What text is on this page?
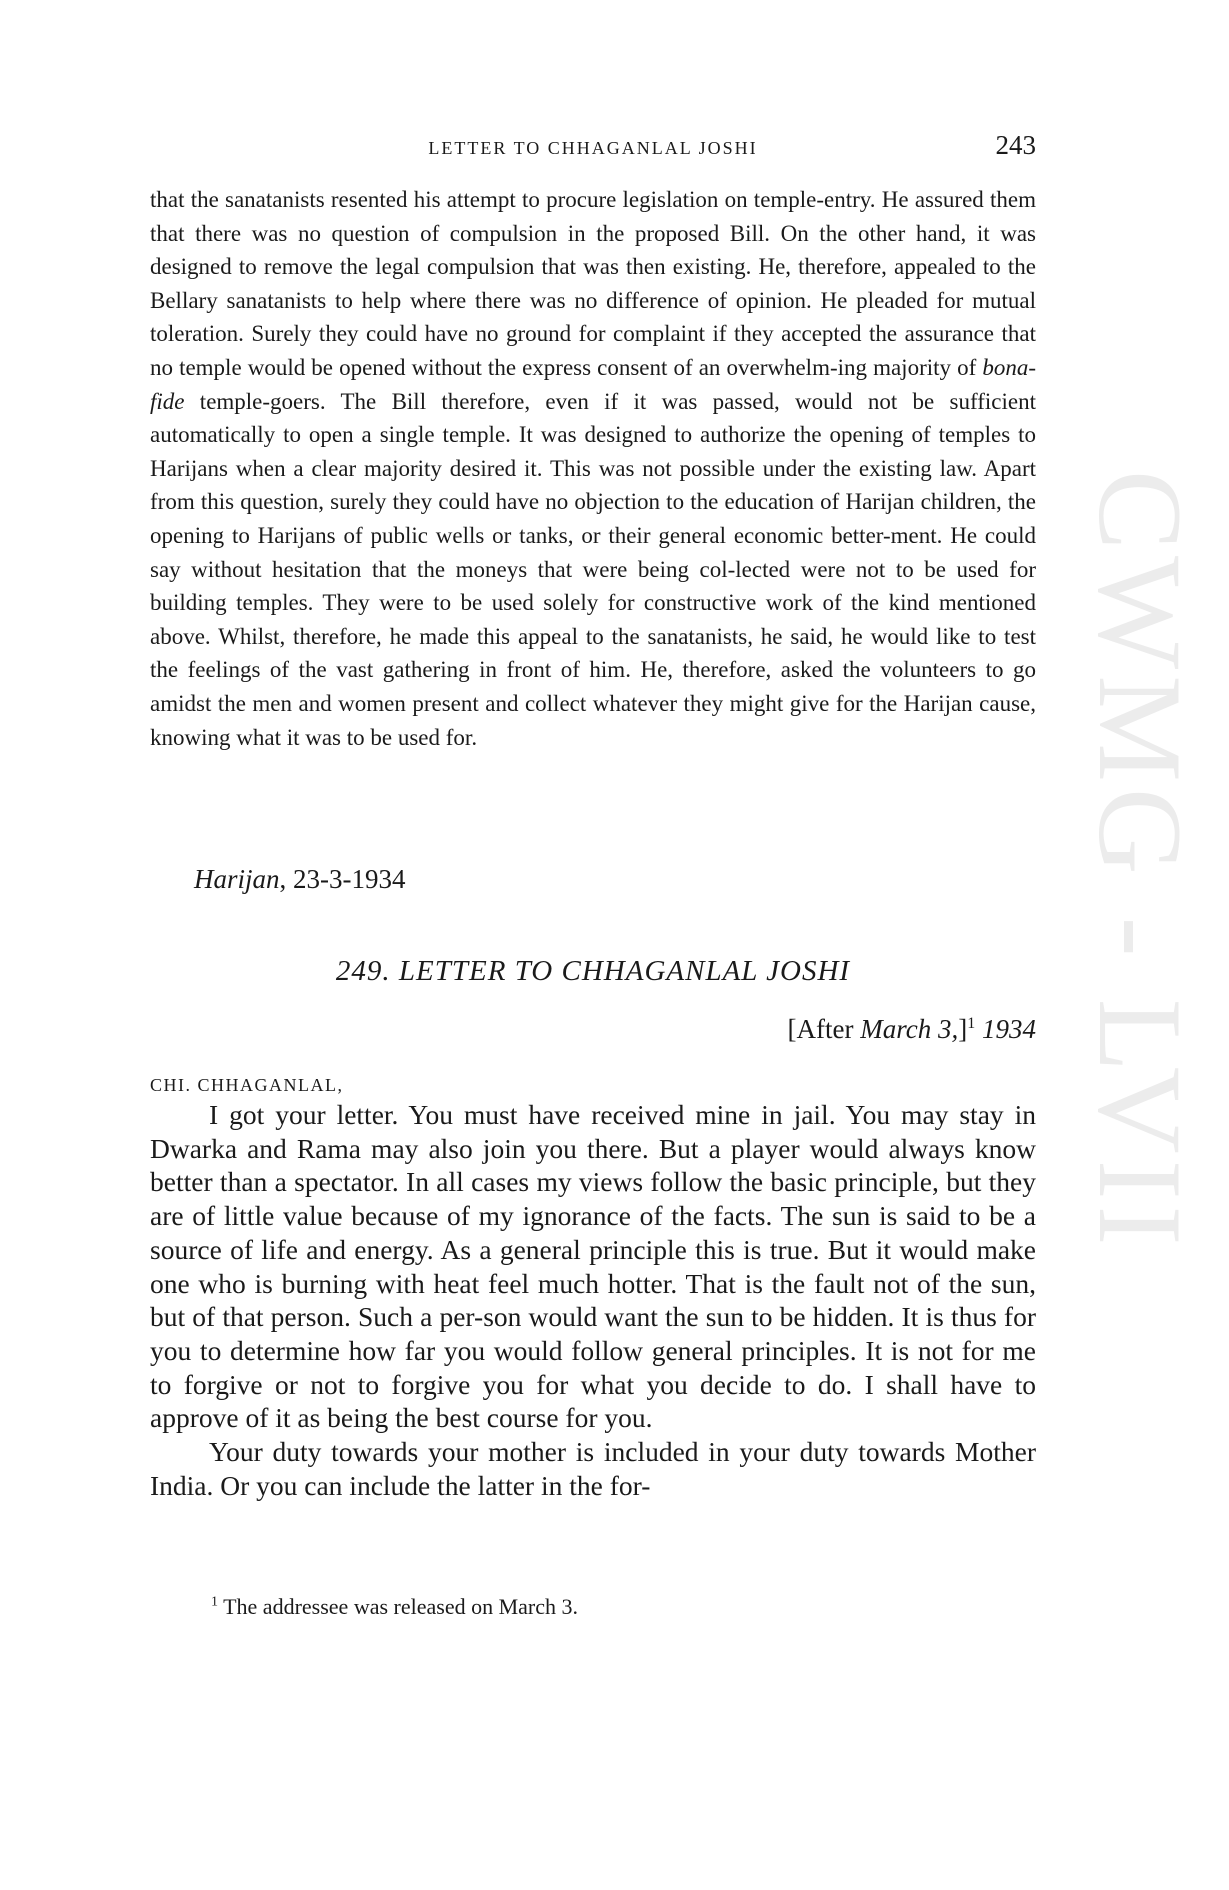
CWMG - LVII
LETTER TO CHHAGANLAL JOSHI	243

that the sanatanists resented his attempt to procure legislation on temple-entry. He assured them that there was no question of compulsion in the proposed Bill. On the other hand, it was designed to remove the legal compulsion that was then existing. He, therefore, appealed to the Bellary sanatanists to help where there was no difference of opinion. He pleaded for mutual toleration. Surely they could have no ground for complaint if they accepted the assurance that no temple would be opened without the express consent of an overwhelm-ing majority of bona-fide temple-goers. The Bill therefore, even if it was passed, would not be sufficient automatically to open a single temple. It was designed to authorize the opening of temples to Harijans when a clear majority desired it. This was not possible under the existing law. Apart from this question, surely they could have no objection to the education of Harijan children, the opening to Harijans of public wells or tanks, or their general economic better-ment. He could say without hesitation that the moneys that were being col-lected were not to be used for building temples. They were to be used solely for constructive work of the kind mentioned above. Whilst, therefore, he made this appeal to the sanatanists, he said, he would like to test the feelings of the vast gathering in front of him. He, therefore, asked the volunteers to go amidst the men and women present and collect whatever they might give for the Harijan cause, knowing what it was to be used for.

Harijan, 23-3-1934
249. LETTER TO CHHAGANLAL JOSHI
[After March 3,]$^1$ 1934
CHI. CHHAGANLAL,

I got your letter. You must have received mine in jail. You may stay in Dwarka and Rama may also join you there. But a player would always know better than a spectator. In all cases my views follow the basic principle, but they are of little value because of my ignorance of the facts. The sun is said to be a source of life and energy. As a general principle this is true. But it would make one who is burning with heat feel much hotter. That is the fault not of the sun, but of that person. Such a per-son would want the sun to be hidden. It is thus for you to determine how far you would follow general principles. It is not for me to forgive or not to forgive you for what you decide to do. I shall have to approve of it as being the best course for you.

Your duty towards your mother is included in your duty towards Mother India. Or you can include the latter in the for-

$^1$ The addressee was released on March 3.
